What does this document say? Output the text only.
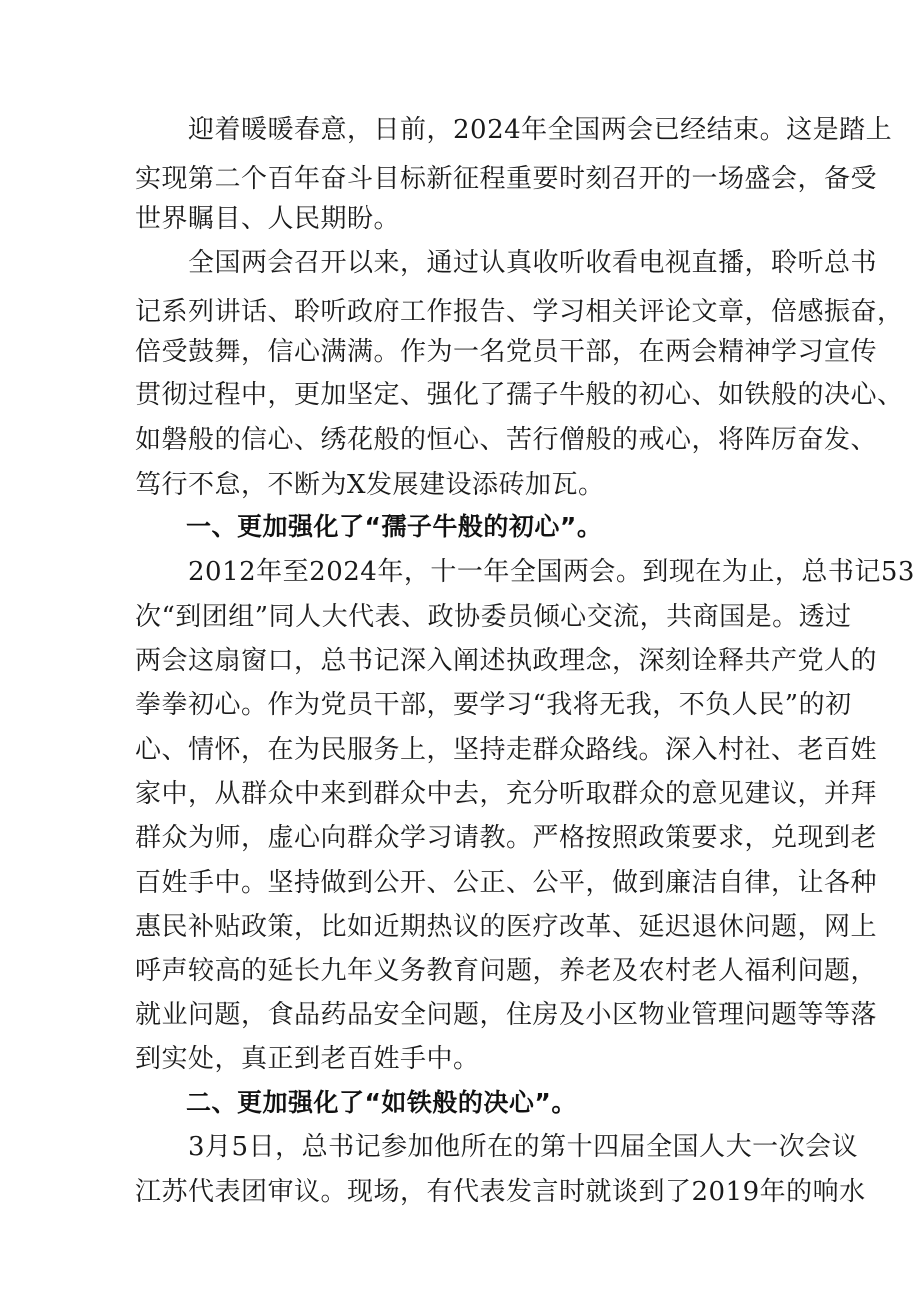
　　迎着暖暖春意，日前，2024年全国两会已经结束。这是踏上
实现第二个百年奋斗目标新征程重要时刻召开的一场盛会，备受
世界瞩目、人民期盼。
　　全国两会召开以来，通过认真收听收看电视直播，聆听总书
记系列讲话、聆听政府工作报告、学习相关评论文章，倍感振奋，
倍受鼓舞，信心满满。作为一名党员干部，在两会精神学习宣传
贯彻过程中，更加坚定、强化了孺子牛般的初心、如铁般的决心、
如磐般的信心、绣花般的恒心、苦行僧般的戒心，将阵厉奋发、
笃行不怠，不断为X发展建设添砖加瓦。
　　一、更加强化了“孺子牛般的初心”。
　　2012年至2024年，十一年全国两会。到现在为止，总书记53
次“到团组”同人大代表、政协委员倾心交流，共商国是。透过
两会这扇窗口，总书记深入阐述执政理念，深刻诠释共产党人的
拳拳初心。作为党员干部，要学习“我将无我，不负人民”的初
心、情怀，在为民服务上，坚持走群众路线。深入村社、老百姓
家中，从群众中来到群众中去，充分听取群众的意见建议，并拜
群众为师，虚心向群众学习请教。严格按照政策要求，兑现到老
百姓手中。坚持做到公开、公正、公平，做到廉洁自律，让各种
惠民补贴政策，比如近期热议的医疗改革、延迟退休问题，网上
呼声较高的延长九年义务教育问题，养老及农村老人福利问题，
就业问题，食品药品安全问题，住房及小区物业管理问题等等落
到实处，真正到老百姓手中。
　　二、更加强化了“如铁般的决心”。
　　3月5日，总书记参加他所在的第十四届全国人大一次会议
江苏代表团审议。现场，有代表发言时就谈到了2019年的响水
